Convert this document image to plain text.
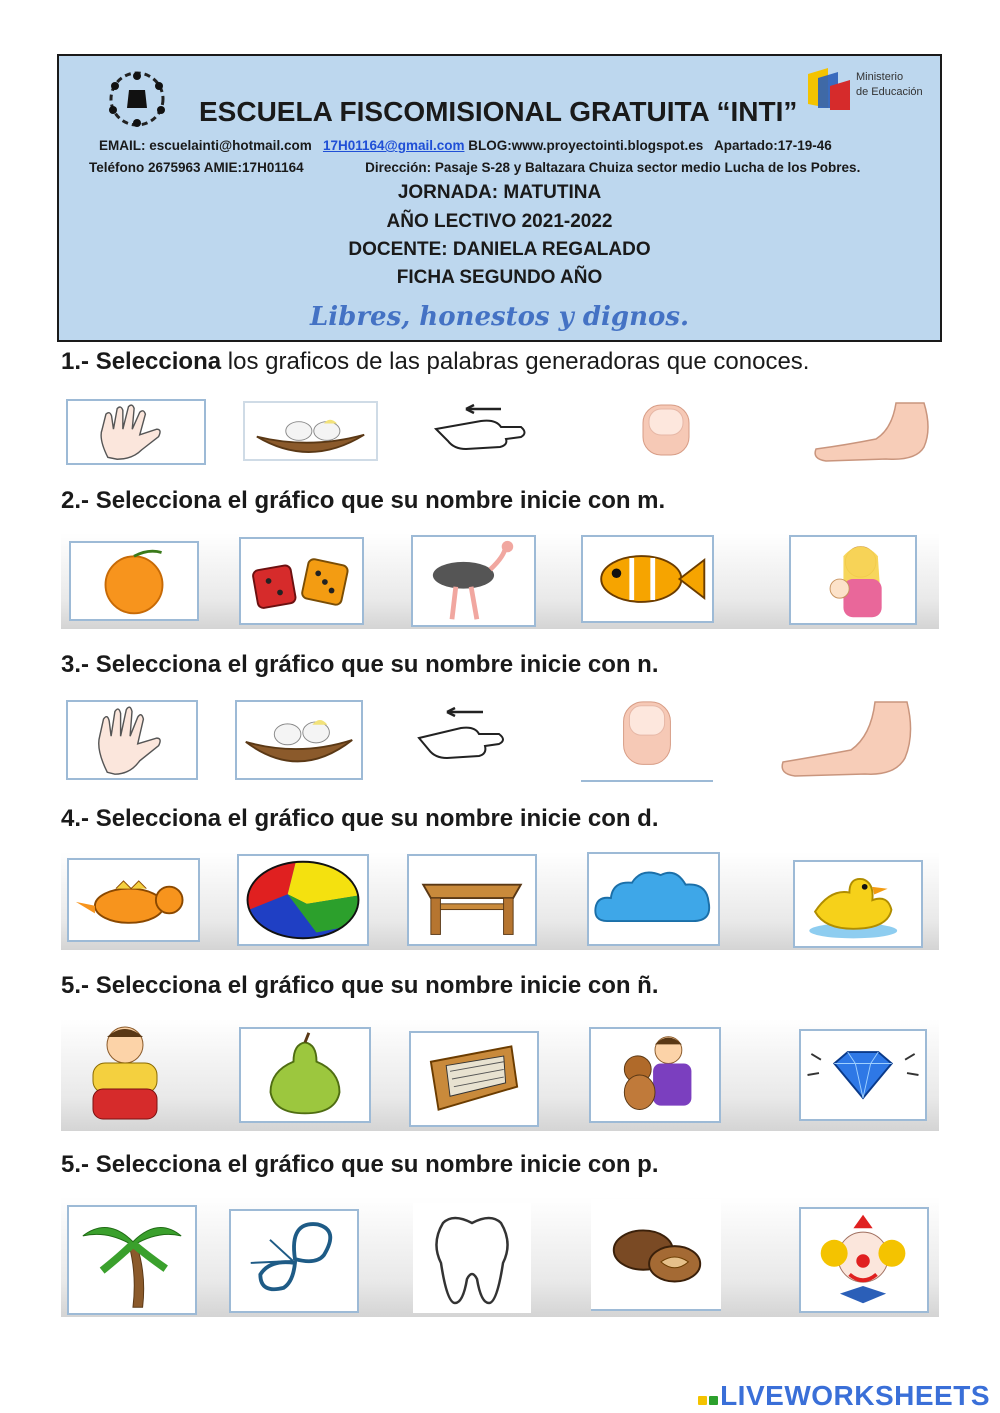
Ministerio
de Educación
ESCUELA FISCOMISIONAL GRATUITA “INTI”
EMAIL: escuelainti@hotmail.com 17H01164@gmail.com BLOG:www.proyectointi.blogspot.es Apartado:17-19-46
Teléfono 2675963 AMIE:17H01164	Dirección: Pasaje S-28 y Baltazara Chuiza sector medio Lucha de los Pobres.
JORNADA: MATUTINA
AÑO LECTIVO 2021-2022
DOCENTE: DANIELA REGALADO
FICHA SEGUNDO AÑO
Libres, honestos y dignos.
1.- Selecciona los graficos de las palabras generadoras que conoces.
2.- Selecciona el gráfico que su nombre inicie con m.
3.- Selecciona el gráfico que su nombre inicie con n.
4.- Selecciona el gráfico que su nombre inicie con d.
5.- Selecciona el gráfico que su nombre inicie con ñ.
5.- Selecciona el gráfico que su nombre inicie con p.
LIVEWORKSHEETS
